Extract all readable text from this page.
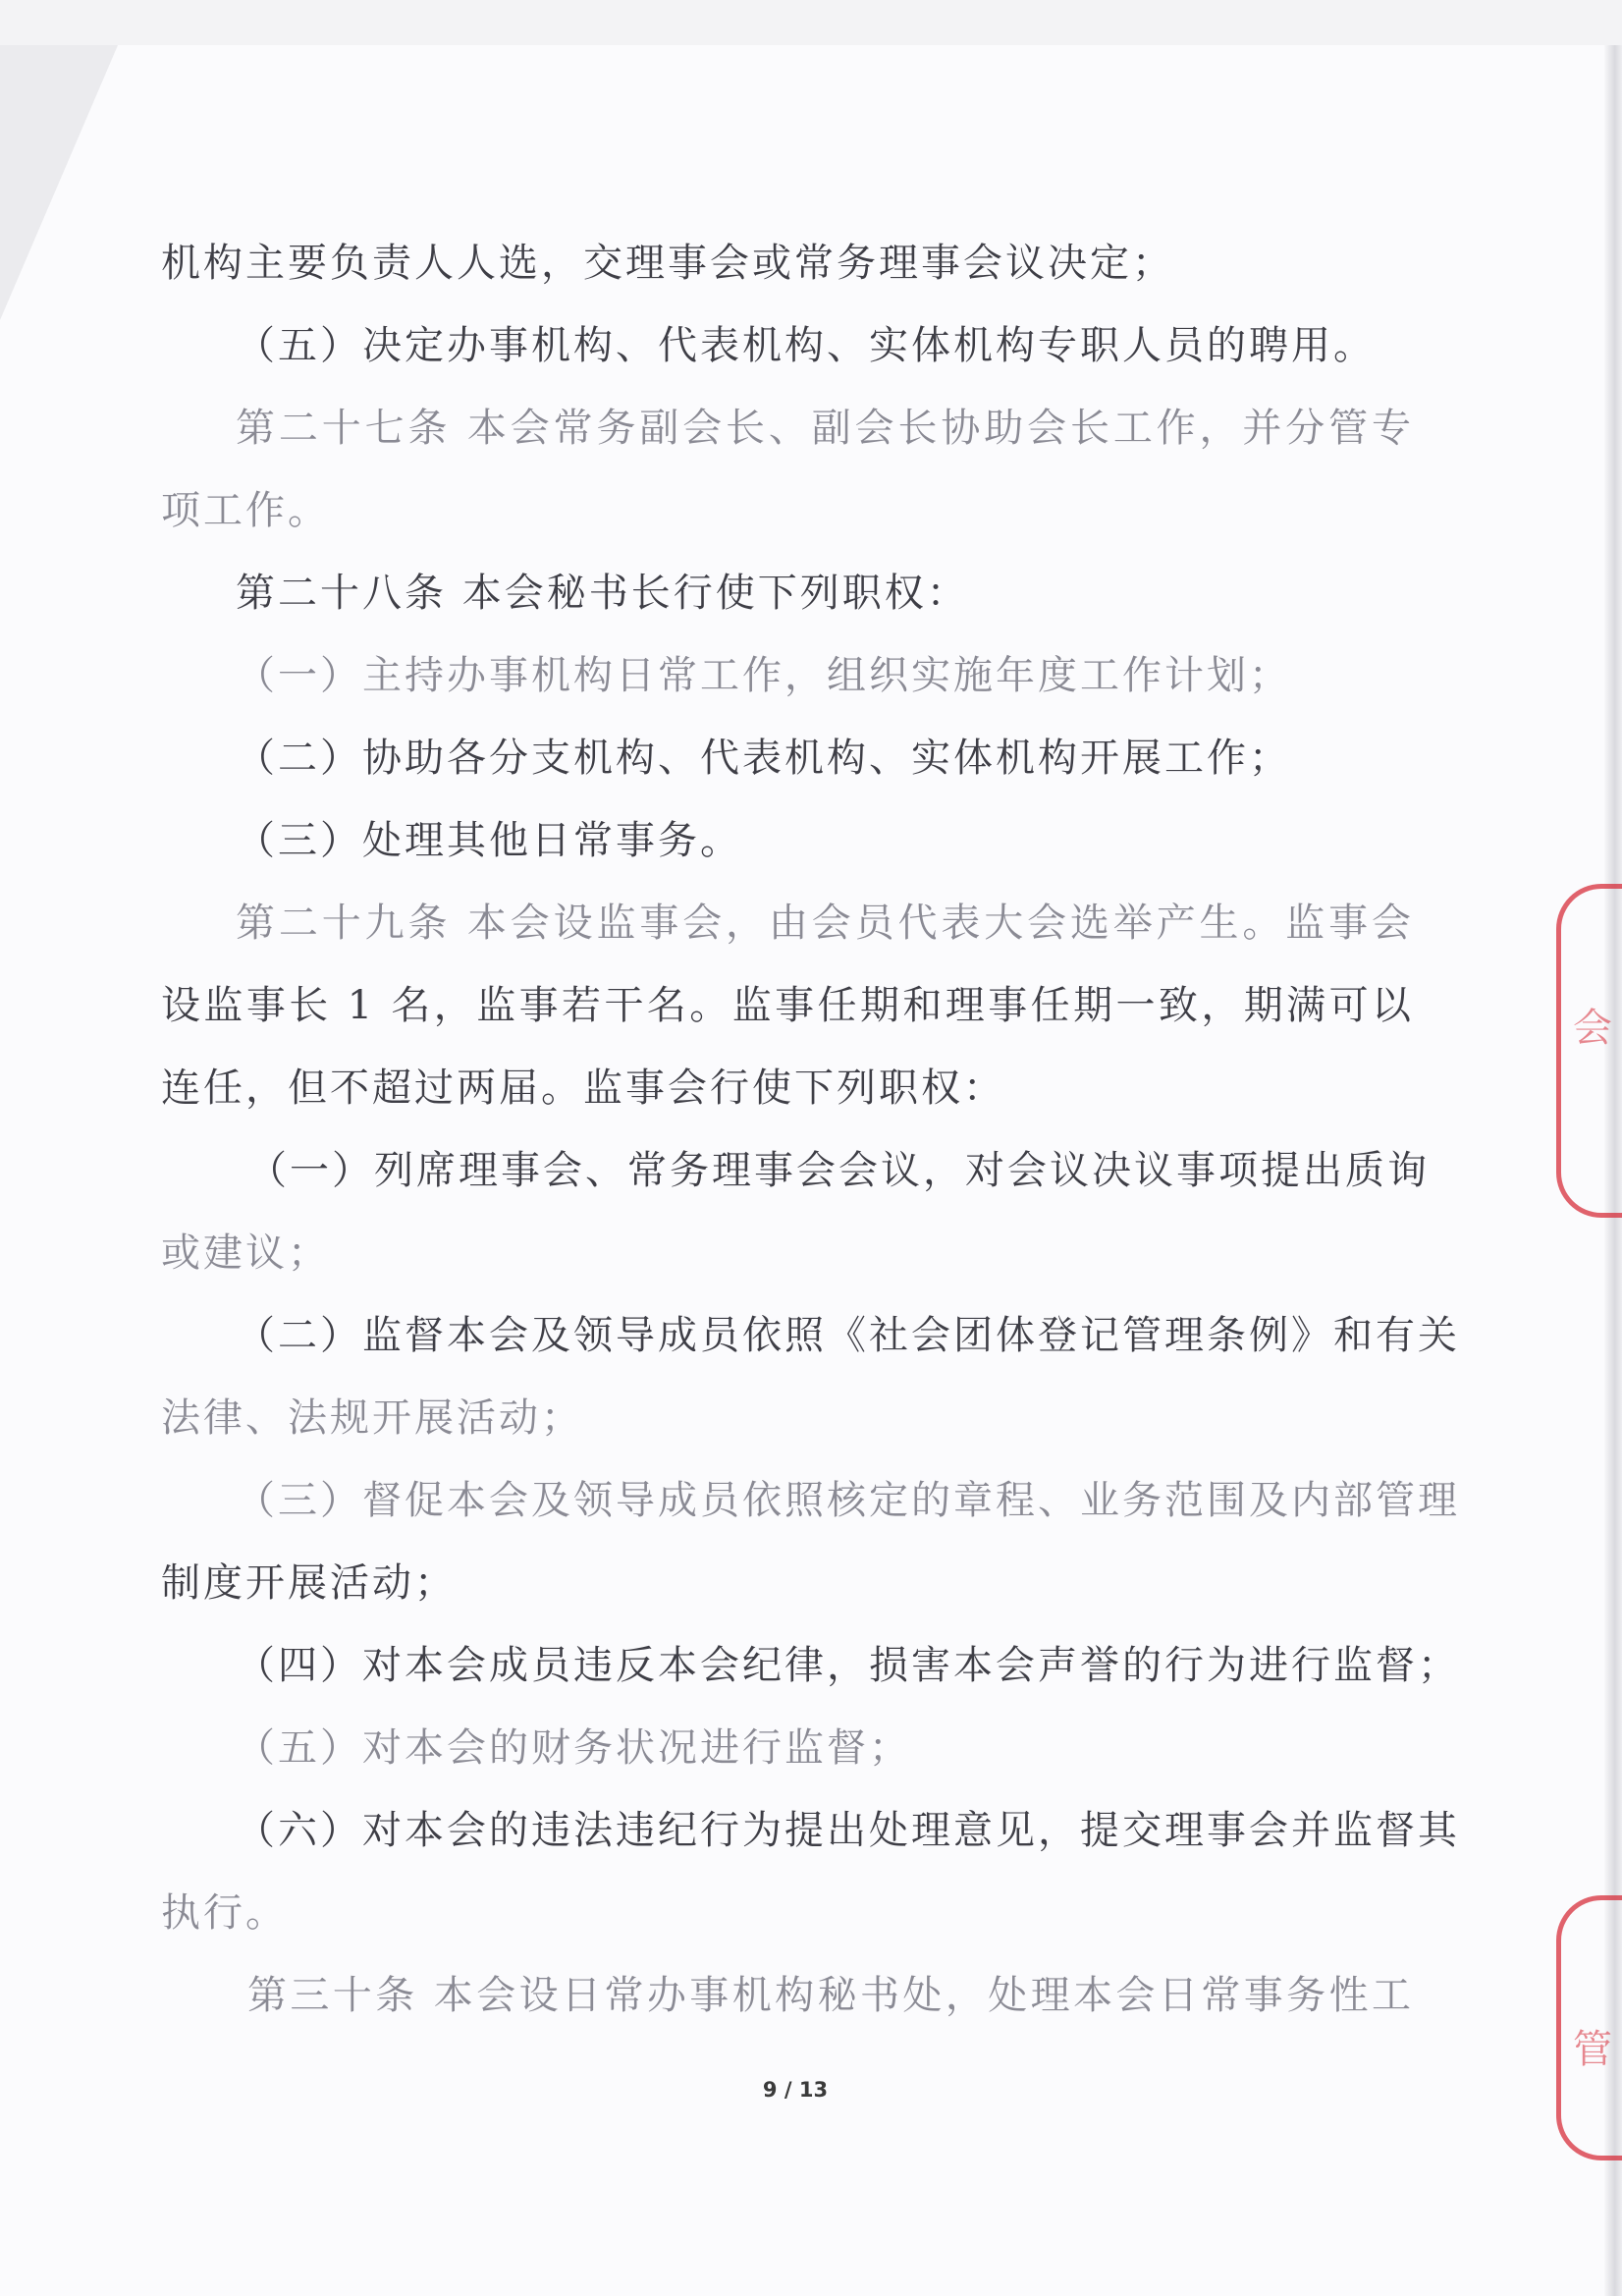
会
管

机构主要负责人人选，交理事会或常务理事会议决定；

（五）决定办事机构、代表机构、实体机构专职人员的聘用。

第二十七条 本会常务副会长、副会长协助会长工作，并分管专

项工作。

第二十八条 本会秘书长行使下列职权：

（一）主持办事机构日常工作，组织实施年度工作计划；

（二）协助各分支机构、代表机构、实体机构开展工作；

（三）处理其他日常事务。

第二十九条 本会设监事会，由会员代表大会选举产生。监事会

设监事长 1 名，监事若干名。监事任期和理事任期一致，期满可以

连任，但不超过两届。监事会行使下列职权：

（一）列席理事会、常务理事会会议，对会议决议事项提出质询

或建议；

（二）监督本会及领导成员依照《社会团体登记管理条例》和有关

法律、法规开展活动；

（三）督促本会及领导成员依照核定的章程、业务范围及内部管理

制度开展活动；

（四）对本会成员违反本会纪律，损害本会声誉的行为进行监督；

（五）对本会的财务状况进行监督；

（六）对本会的违法违纪行为提出处理意见，提交理事会并监督其

执行。

第三十条 本会设日常办事机构秘书处，处理本会日常事务性工

9 / 13
